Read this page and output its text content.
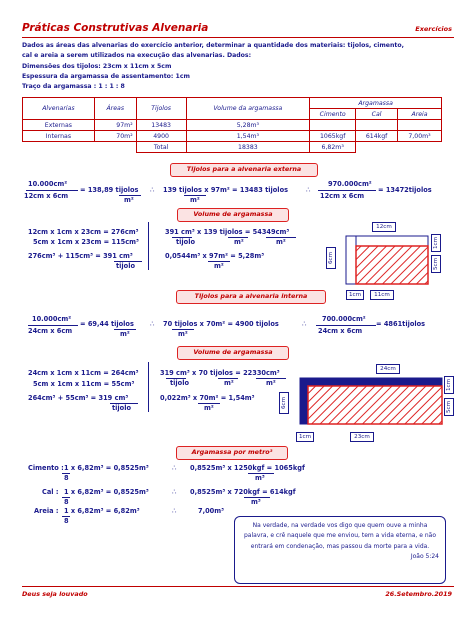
Práticas Construtivas Alvenaria	Exercícios
Dados as áreas das alvenarias do exercício anterior, determinar a quantidade dos materiais: tijolos, cimento,
cal e areia a serem utilizados na execução das alvenarias. Dados:
Dimensões dos tijolos: 23cm x 11cm x 5cm
Espessura da argamassa de assentamento: 1cm
Traço da argamassa : 1 : 1 : 8
Alvenarias	Áreas	Tijolos	Volume da argamassa	Argamassa		
				Cimento	Cal	Areia
Externas	97m²	13483	5,28m³			
Internas	70m²	4900	1,54m³	1065kgf	614kgf	7,00m³
		Total	18383	6,82m³		
Tijolos para a alvenaria externa
10.000cm²
12cm x 6cm
= 138,89 tijolos
m²
∴ 139 tijolos x 97m² = 13483 tijolos
m²
∴
970.000cm²
12cm x 6cm
= 13472tijolos
Volume de argamassa
12cm x 1cm x 23cm = 276cm³
5cm x 1cm x 23cm = 115cm³
276cm³ + 115cm³ = 391 cm³
tijolo
391 cm³ x 139 tijolos = 54349cm³
tijolo	m²	m²
0,0544m³ x 97m² = 5,28m³
m²
12cm
6cm
1cm
5cm
1cm	11cm
Tijolos para a alvenaria interna
10.000cm²
24cm x 6cm
= 69,44 tijolos
m²
∴ 70 tijolos x 70m² = 4900 tijolos
m²
∴
700.000cm²
24cm x 6cm
= 4861tijolos
Volume de argamassa
24cm x 1cm x 11cm = 264cm³
5cm x 1cm x 11cm = 55cm³
264cm³ + 55cm³ = 319 cm³
tijolo
319 cm³ x 70 tijolos = 22330cm³
tijolo	m²	m²
0,022m³ x 70m² = 1,54m³
m²
24cm
6cm
1cm
5cm
1cm	23cm
Argamassa por metro³
Cimento : 1 x 6,82m³ = 0,8525m³
8
∴ 0,8525m³ x 1250kgf = 1065kgf
m³
Cal : 1 x 6,82m³ = 0,8525m³
8
∴ 0,8525m³ x 720kgf = 614kgf
m³
Areia : 1 x 6,82m³ = 6,82m³
8
∴	7,00m³
Na verdade, na verdade vos digo que quem ouve a minha palavra, e crê naquele que me enviou, tem a vida eterna, e não entrará em condenação, mas passou da morte para a vida.
João 5:24
Deus seja louvado	26.Setembro.2019
